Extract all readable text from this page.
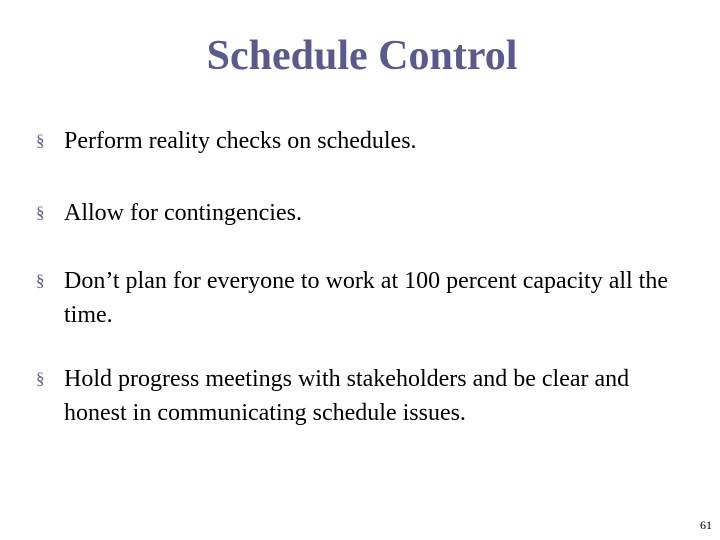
Schedule Control
§ Perform reality checks on schedules.
§ Allow for contingencies.
§ Don’t plan for everyone to work at 100 percent capacity all the time.
§ Hold progress meetings with stakeholders and be clear and honest in communicating schedule issues.
61
